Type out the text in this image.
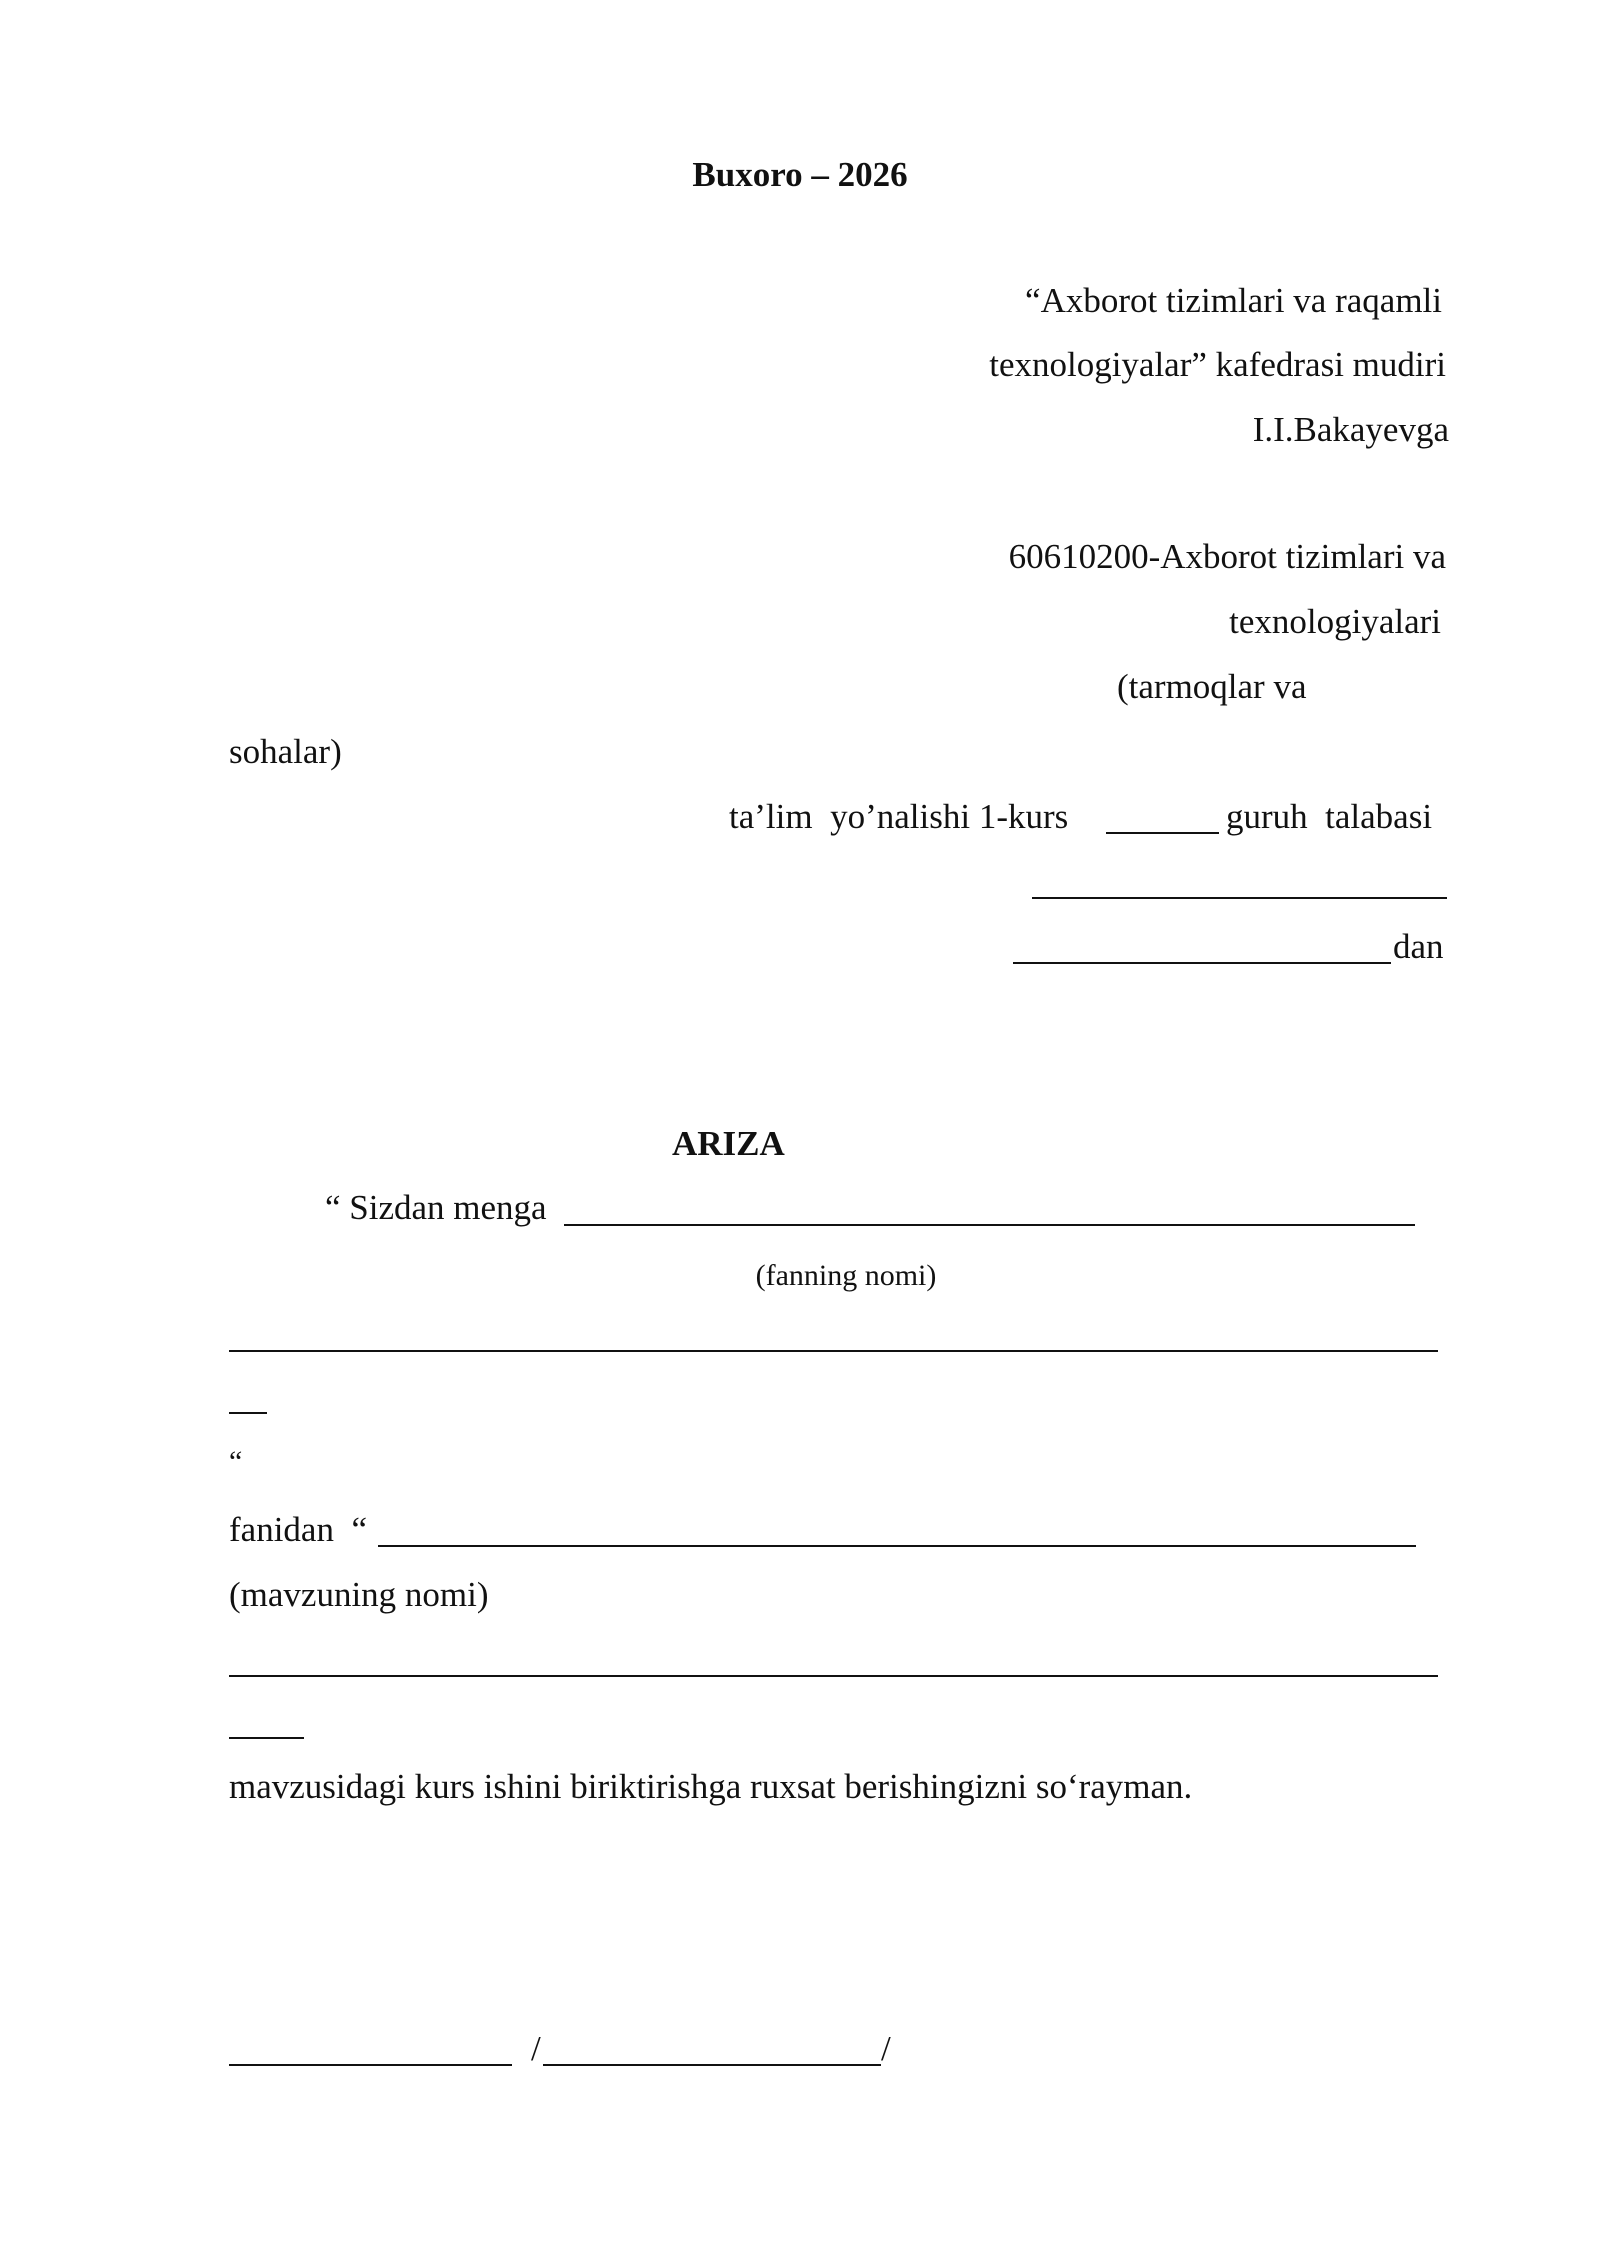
Buxoro – 2026
“Axborot tizimlari va raqamli
texnologiyalar” kafedrasi mudiri
I.I.Bakayevga
60610200-Axborot tizimlari va
texnologiyalari
(tarmoqlar va
sohalar)
ta’lim  yo’nalishi 1-kurs	guruh  talabasi
dan
ARIZA
“ Sizdan menga
(fanning nomi)
“
fanidan  “
(mavzuning nomi)
mavzusidagi kurs ishini biriktirishga ruxsat berishingizni so‘rayman.
/	/
